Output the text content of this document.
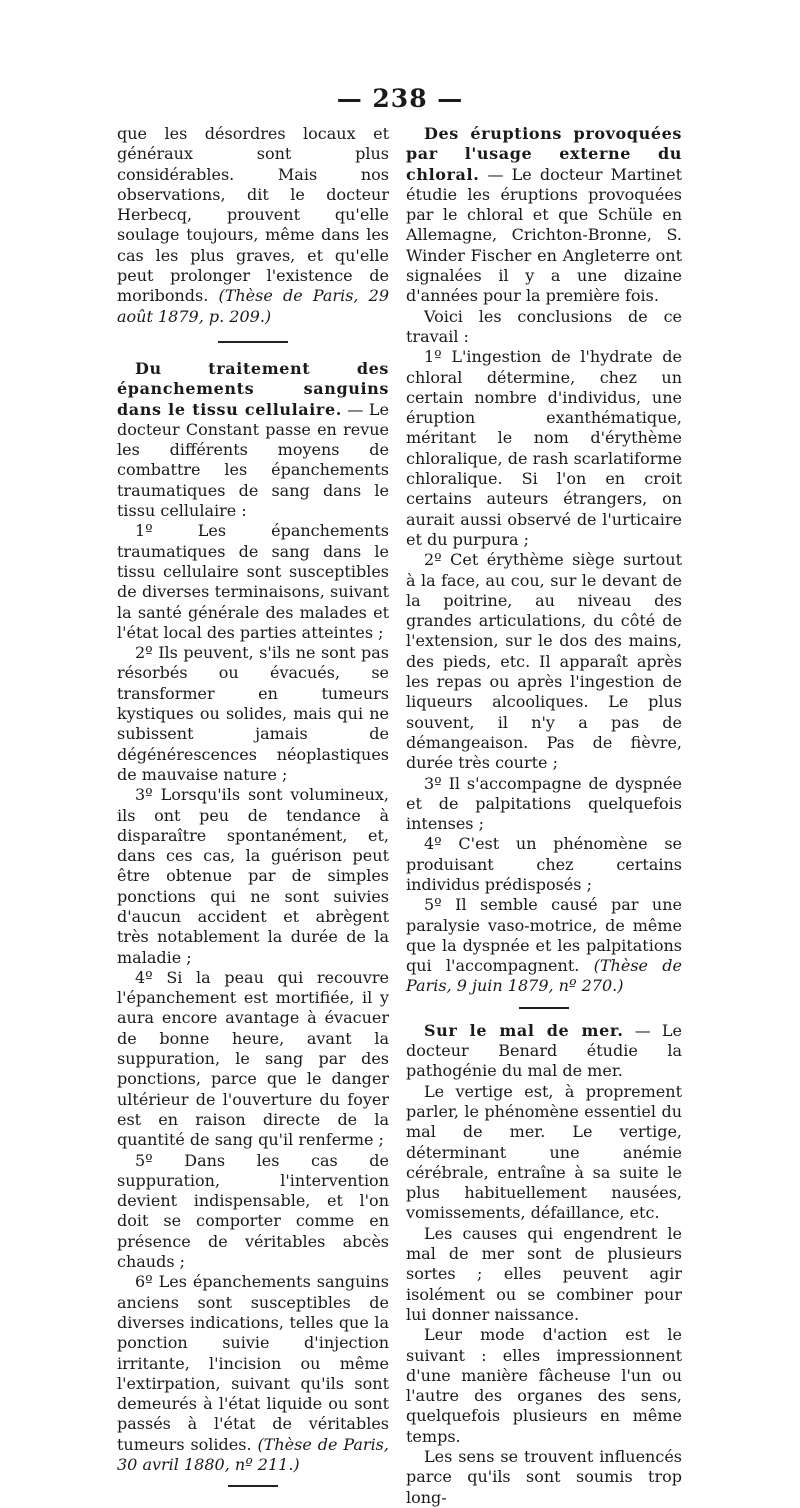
— 238 —

que les désordres locaux et généraux sont plus considérables. Mais nos observations, dit le docteur Herbecq, prouvent qu'elle soulage toujours, même dans les cas les plus graves, et qu'elle peut prolonger l'existence de moribonds. (Thèse de Paris, 29 août 1879, p. 209.)

Du traitement des épanchements sanguins dans le tissu cellulaire. — Le docteur Constant passe en revue les différents moyens de combattre les épanchements traumatiques de sang dans le tissu cellulaire :

1º Les épanchements traumatiques de sang dans le tissu cellulaire sont susceptibles de diverses terminaisons, suivant la santé générale des malades et l'état local des parties atteintes ;

2º Ils peuvent, s'ils ne sont pas résorbés ou évacués, se transformer en tumeurs kystiques ou solides, mais qui ne subissent jamais de dégénérescences néoplastiques de mauvaise nature ;

3º Lorsqu'ils sont volumineux, ils ont peu de tendance à disparaître spontanément, et, dans ces cas, la guérison peut être obtenue par de simples ponctions qui ne sont suivies d'aucun accident et abrègent très notablement la durée de la maladie ;

4º Si la peau qui recouvre l'épanchement est mortifiée, il y aura encore avantage à évacuer de bonne heure, avant la suppuration, le sang par des ponctions, parce que le danger ultérieur de l'ouverture du foyer est en raison directe de la quantité de sang qu'il renferme ;

5º Dans les cas de suppuration, l'intervention devient indispensable, et l'on doit se comporter comme en présence de véritables abcès chauds ;

6º Les épanchements sanguins anciens sont susceptibles de diverses indications, telles que la ponction suivie d'injection irritante, l'incision ou même l'extirpation, suivant qu'ils sont demeurés à l'état liquide ou sont passés à l'état de véritables tumeurs solides. (Thèse de Paris, 30 avril 1880, nº 211.)

Des éruptions provoquées par l'usage externe du chloral. — Le docteur Martinet étudie les éruptions provoquées par le chloral et que Schüle en Allemagne, Crichton-Bronne, S. Winder Fischer en Angleterre ont signalées il y a une dizaine d'années pour la première fois.

Voici les conclusions de ce travail :

1º L'ingestion de l'hydrate de chloral détermine, chez un certain nombre d'individus, une éruption exanthématique, méritant le nom d'érythème chloralique, de rash scarlatiforme chloralique. Si l'on en croit certains auteurs étrangers, on aurait aussi observé de l'urticaire et du purpura ;

2º Cet érythème siège surtout à la face, au cou, sur le devant de la poitrine, au niveau des grandes articulations, du côté de l'extension, sur le dos des mains, des pieds, etc. Il apparaît après les repas ou après l'ingestion de liqueurs alcooliques. Le plus souvent, il n'y a pas de démangeaison. Pas de fièvre, durée très courte ;

3º Il s'accompagne de dyspnée et de palpitations quelquefois intenses ;

4º C'est un phénomène se produisant chez certains individus prédisposés ;

5º Il semble causé par une paralysie vaso-motrice, de même que la dyspnée et les palpitations qui l'accompagnent. (Thèse de Paris, 9 juin 1879, nº 270.)

Sur le mal de mer. — Le docteur Benard étudie la pathogénie du mal de mer.

Le vertige est, à proprement parler, le phénomène essentiel du mal de mer. Le vertige, déterminant une anémie cérébrale, entraîne à sa suite le plus habituellement nausées, vomissements, défaillance, etc.

Les causes qui engendrent le mal de mer sont de plusieurs sortes ; elles peuvent agir isolément ou se combiner pour lui donner naissance.

Leur mode d'action est le suivant : elles impressionnent d'une manière fâcheuse l'un ou l'autre des organes des sens, quelquefois plusieurs en même temps.

Les sens se trouvent influencés parce qu'ils sont soumis trop long-
